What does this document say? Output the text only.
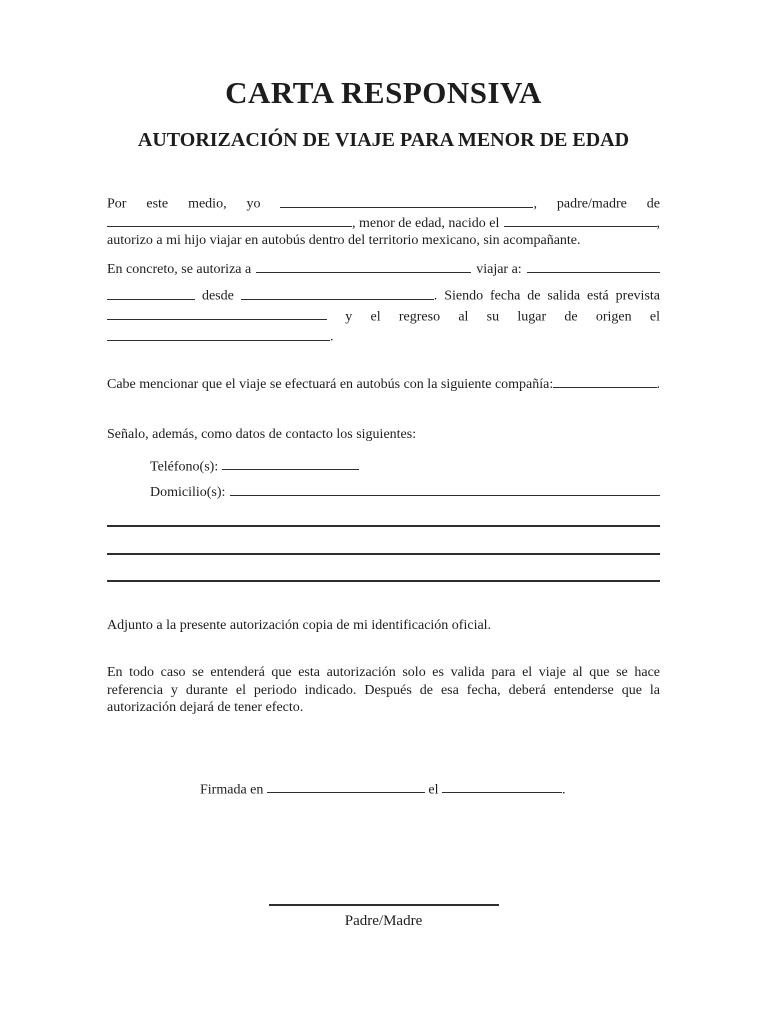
CARTA RESPONSIVA
AUTORIZACIÓN DE VIAJE PARA MENOR DE EDAD
Por este medio, yo	, padre/madre de
, menor de edad, nacido el	,
autorizo a mi hijo viajar en autobús dentro del territorio mexicano, sin acompañante.
En concreto, se autoriza a	viajar a:
desde	. Siendo fecha de salida está prevista
y el regreso al su lugar de origen el
.
Cabe mencionar que el viaje se efectuará en autobús con la siguiente compañía:	.
Señalo, además, como datos de contacto los siguientes:
Teléfono(s):
Domicilio(s):
Adjunto a la presente autorización copia de mi identificación oficial.
En todo caso se entenderá que esta autorización solo es valida para el viaje al que se hace
referencia y durante el periodo indicado. Después de esa fecha, deberá entenderse que la
autorización dejará de tener efecto.
Firmada en	el	.
Padre/Madre
